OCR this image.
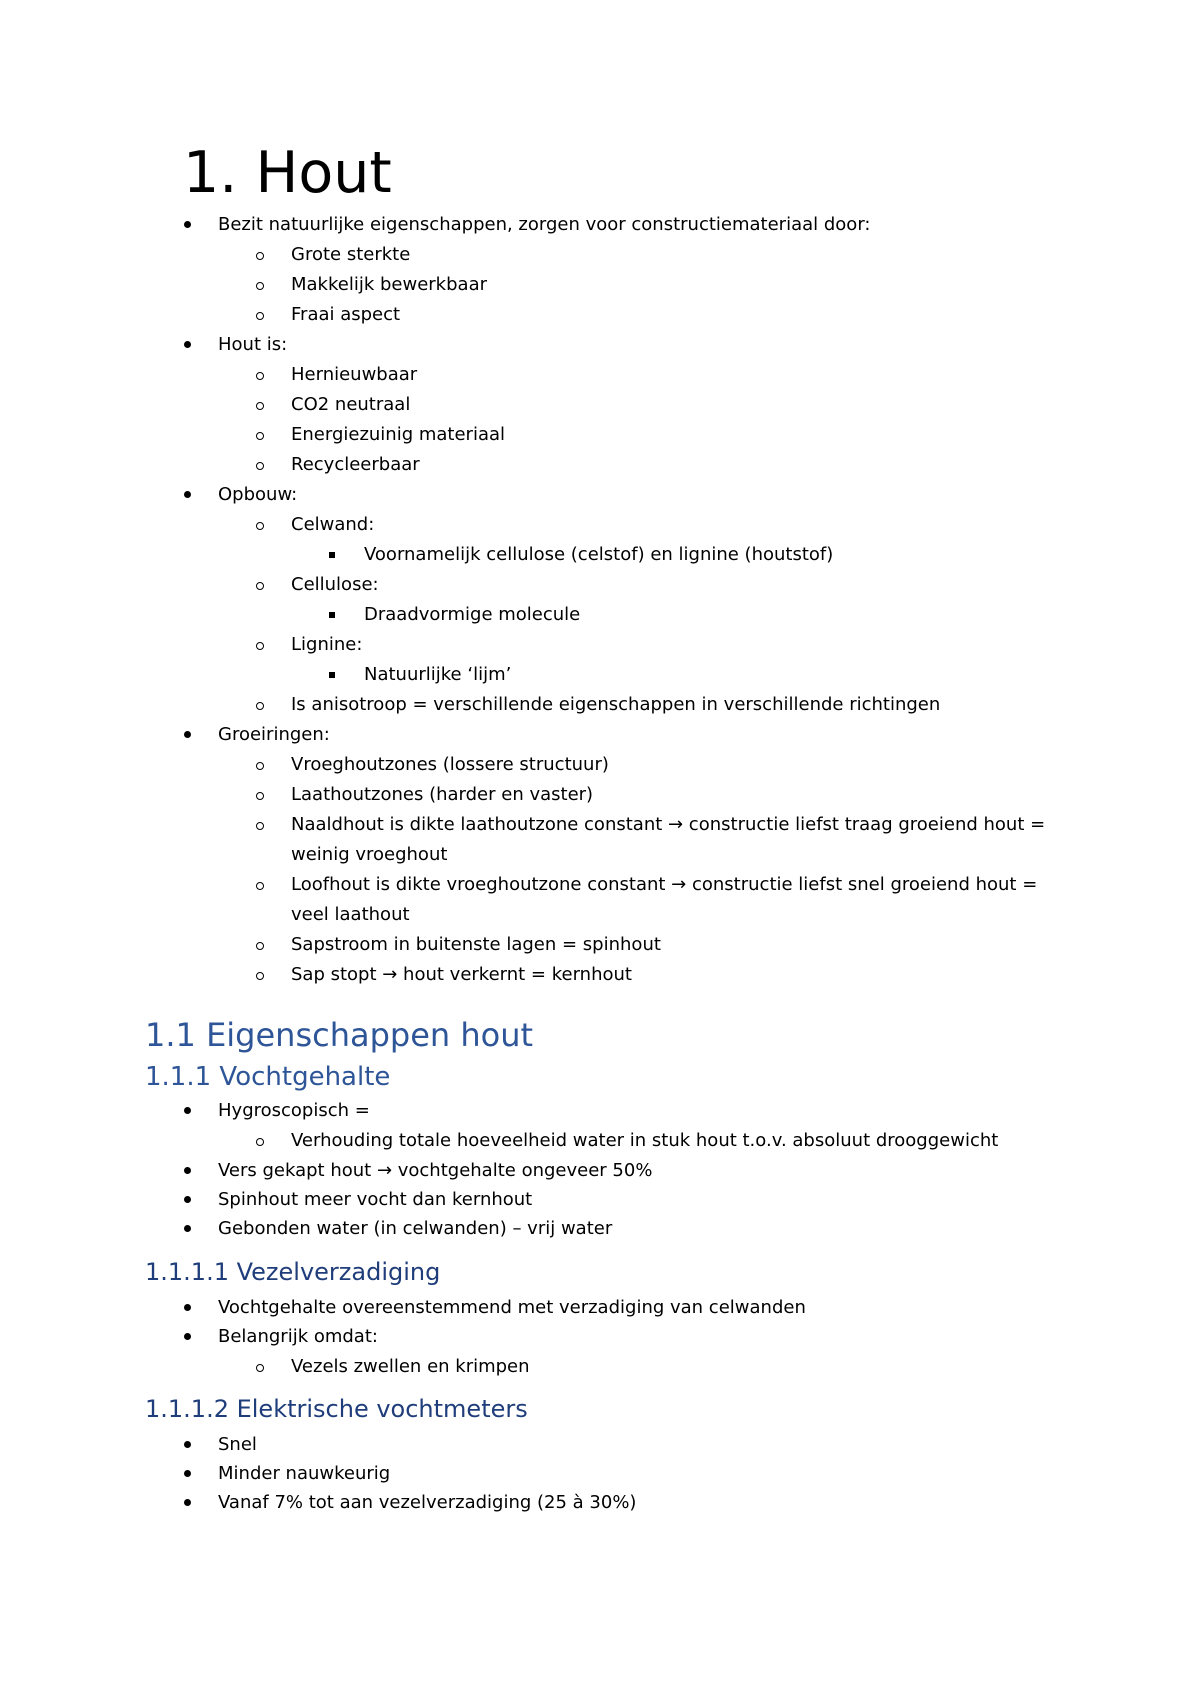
1. Hout
Bezit natuurlijke eigenschappen, zorgen voor constructiemateriaal door:
Grote sterkte
Makkelijk bewerkbaar
Fraai aspect
Hout is:
Hernieuwbaar
CO2 neutraal
Energiezuinig materiaal
Recycleerbaar
Opbouw:
Celwand:
Voornamelijk cellulose (celstof) en lignine (houtstof)
Cellulose:
Draadvormige molecule
Lignine:
Natuurlijke ‘lijm’
Is anisotroop = verschillende eigenschappen in verschillende richtingen
Groeiringen:
Vroeghoutzones (lossere structuur)
Laathoutzones (harder en vaster)
Naaldhout is dikte laathoutzone constant → constructie liefst traag groeiend hout =
weinig vroeghout
Loofhout is dikte vroeghoutzone constant → constructie liefst snel groeiend hout =
veel laathout
Sapstroom in buitenste lagen = spinhout
Sap stopt → hout verkernt = kernhout
1.1 Eigenschappen hout
1.1.1 Vochtgehalte
Hygroscopisch =
Verhouding totale hoeveelheid water in stuk hout t.o.v. absoluut drooggewicht
Vers gekapt hout → vochtgehalte ongeveer 50%
Spinhout meer vocht dan kernhout
Gebonden water (in celwanden) – vrij water
1.1.1.1 Vezelverzadiging
Vochtgehalte overeenstemmend met verzadiging van celwanden
Belangrijk omdat:
Vezels zwellen en krimpen
1.1.1.2 Elektrische vochtmeters
Snel
Minder nauwkeurig
Vanaf 7% tot aan vezelverzadiging (25 à 30%)
